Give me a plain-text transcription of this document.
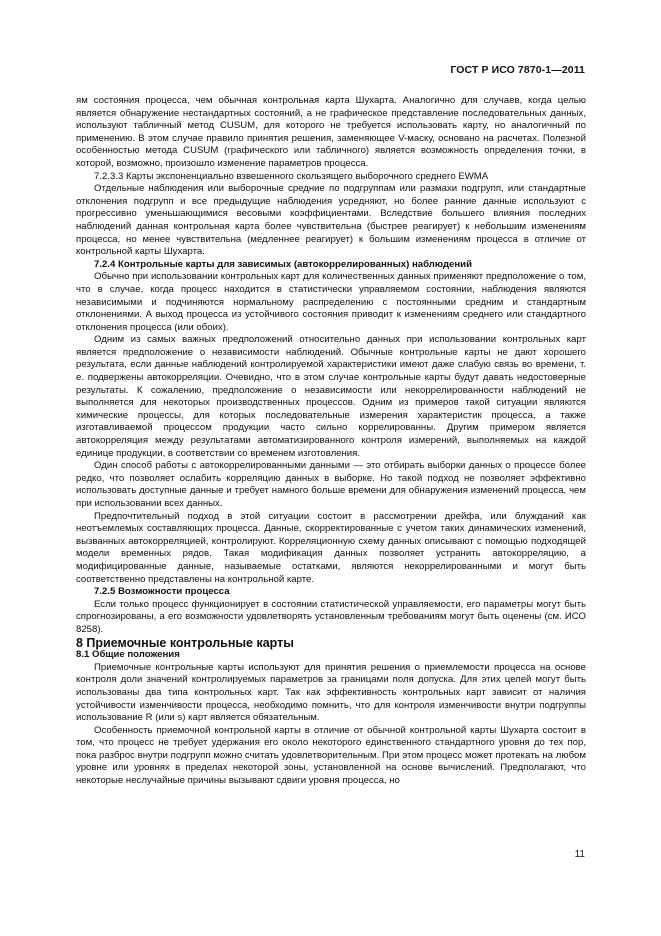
ГОСТ Р ИСО 7870-1—2011

ям состояния процесса, чем обычная контрольная карта Шухарта. Аналогично для случаев, когда целью является обнаружение нестандартных состояний, а не графическое представление последовательных данных, используют табличный метод CUSUM, для которого не требуется использовать карту, но аналогичный по применению. В этом случае правило принятия решения, заменяющее V-маску, основано на расчетах. Полезной особенностью метода CUSUM (графического или табличного) является возможность определения точки, в которой, возможно, произошло изменение параметров процесса.

7.2.3.3 Карты экспоненциально взвешенного скользящего выборочного среднего EWMA

Отдельные наблюдения или выборочные средние по подгруппам или размахи подгрупп, или стандартные отклонения подгрупп и все предыдущие наблюдения усредняют, но более ранние данные используют с прогрессивно уменьшающимися весовыми коэффициентами. Вследствие большего влияния последних наблюдений данная контрольная карта более чувствительна (быстрее реагирует) к небольшим изменениям процесса, но менее чувствительна (медленнее реагирует) к большим изменениям процесса в отличие от контрольной карты Шухарта.

7.2.4 Контрольные карты для зависимых (автокоррелированных) наблюдений

Обычно при использовании контрольных карт для количественных данных применяют предположение о том, что в случае, когда процесс находится в статистически управляемом состоянии, наблюдения являются независимыми и подчиняются нормальному распределению с постоянными средним и стандартным отклонениями. А выход процесса из устойчивого состояния приводит к изменениям среднего или стандартного отклонения процесса (или обоих).

Одним из самых важных предположений относительно данных при использовании контрольных карт является предположение о независимости наблюдений. Обычные контрольные карты не дают хорошего результата, если данные наблюдений контролируемой характеристики имеют даже слабую связь во времени, т. е. подвержены автокорреляции. Очевидно, что в этом случае контрольные карты будут давать недостоверные результаты. К сожалению, предположение о независимости или некоррелированности наблюдений не выполняется для некоторых производственных процессов. Одним из примеров такой ситуации являются химические процессы, для которых последовательные измерения характеристик процесса, а также изготавливаемой процессом продукции часто сильно коррелированны. Другим примером является автокорреляция между результатами автоматизированного контроля измерений, выполняемых на каждой единице продукции, в соответствии со временем изготовления.

Один способ работы с автокоррелированными данными — это отбирать выборки данных о процессе более редко, что позволяет ослабить корреляцию данных в выборке. Но такой подход не позволяет эффективно использовать доступные данные и требует намного больше времени для обнаружения изменений процесса, чем при использовании всех данных.

Предпочтительный подход в этой ситуации состоит в рассмотрении дрейфа, или блужданий как неотъемлемых составляющих процесса. Данные, скорректированные с учетом таких динамических изменений, вызванных автокорреляцией, контролируют. Корреляционную схему данных описывают с помощью подходящей модели временных рядов. Такая модификация данных позволяет устранить автокорреляцию, а модифицированные данные, называемые остатками, являются некоррелированными и могут быть соответственно представлены на контрольной карте.

7.2.5 Возможности процесса

Если только процесс функционирует в состоянии статистической управляемости, его параметры могут быть спрогнозированы, а его возможности удовлетворять установленным требованиям могут быть оценены (см. ИСО 8258).

8 Приемочные контрольные карты

8.1 Общие положения

Приемочные контрольные карты используют для принятия решения о приемлемости процесса на основе контроля доли значений контролируемых параметров за границами поля допуска. Для этих целей могут быть использованы два типа контрольных карт. Так как эффективность контрольных карт зависит от наличия устойчивости изменчивости процесса, необходимо помнить, что для контроля изменчивости внутри подгруппы использование R (или s) карт является обязательным.

Особенность приемочной контрольной карты в отличие от обычной контрольной карты Шухарта состоит в том, что процесс не требует удержания его около некоторого единственного стандартного уровня до тех пор, пока разброс внутри подгрупп можно считать удовлетворительным. При этом процесс может протекать на любом уровне или уровнях в пределах некоторой зоны, установленной на основе вычислений. Предполагают, что некоторые неслучайные причины вызывают сдвиги уровня процесса, но

11
